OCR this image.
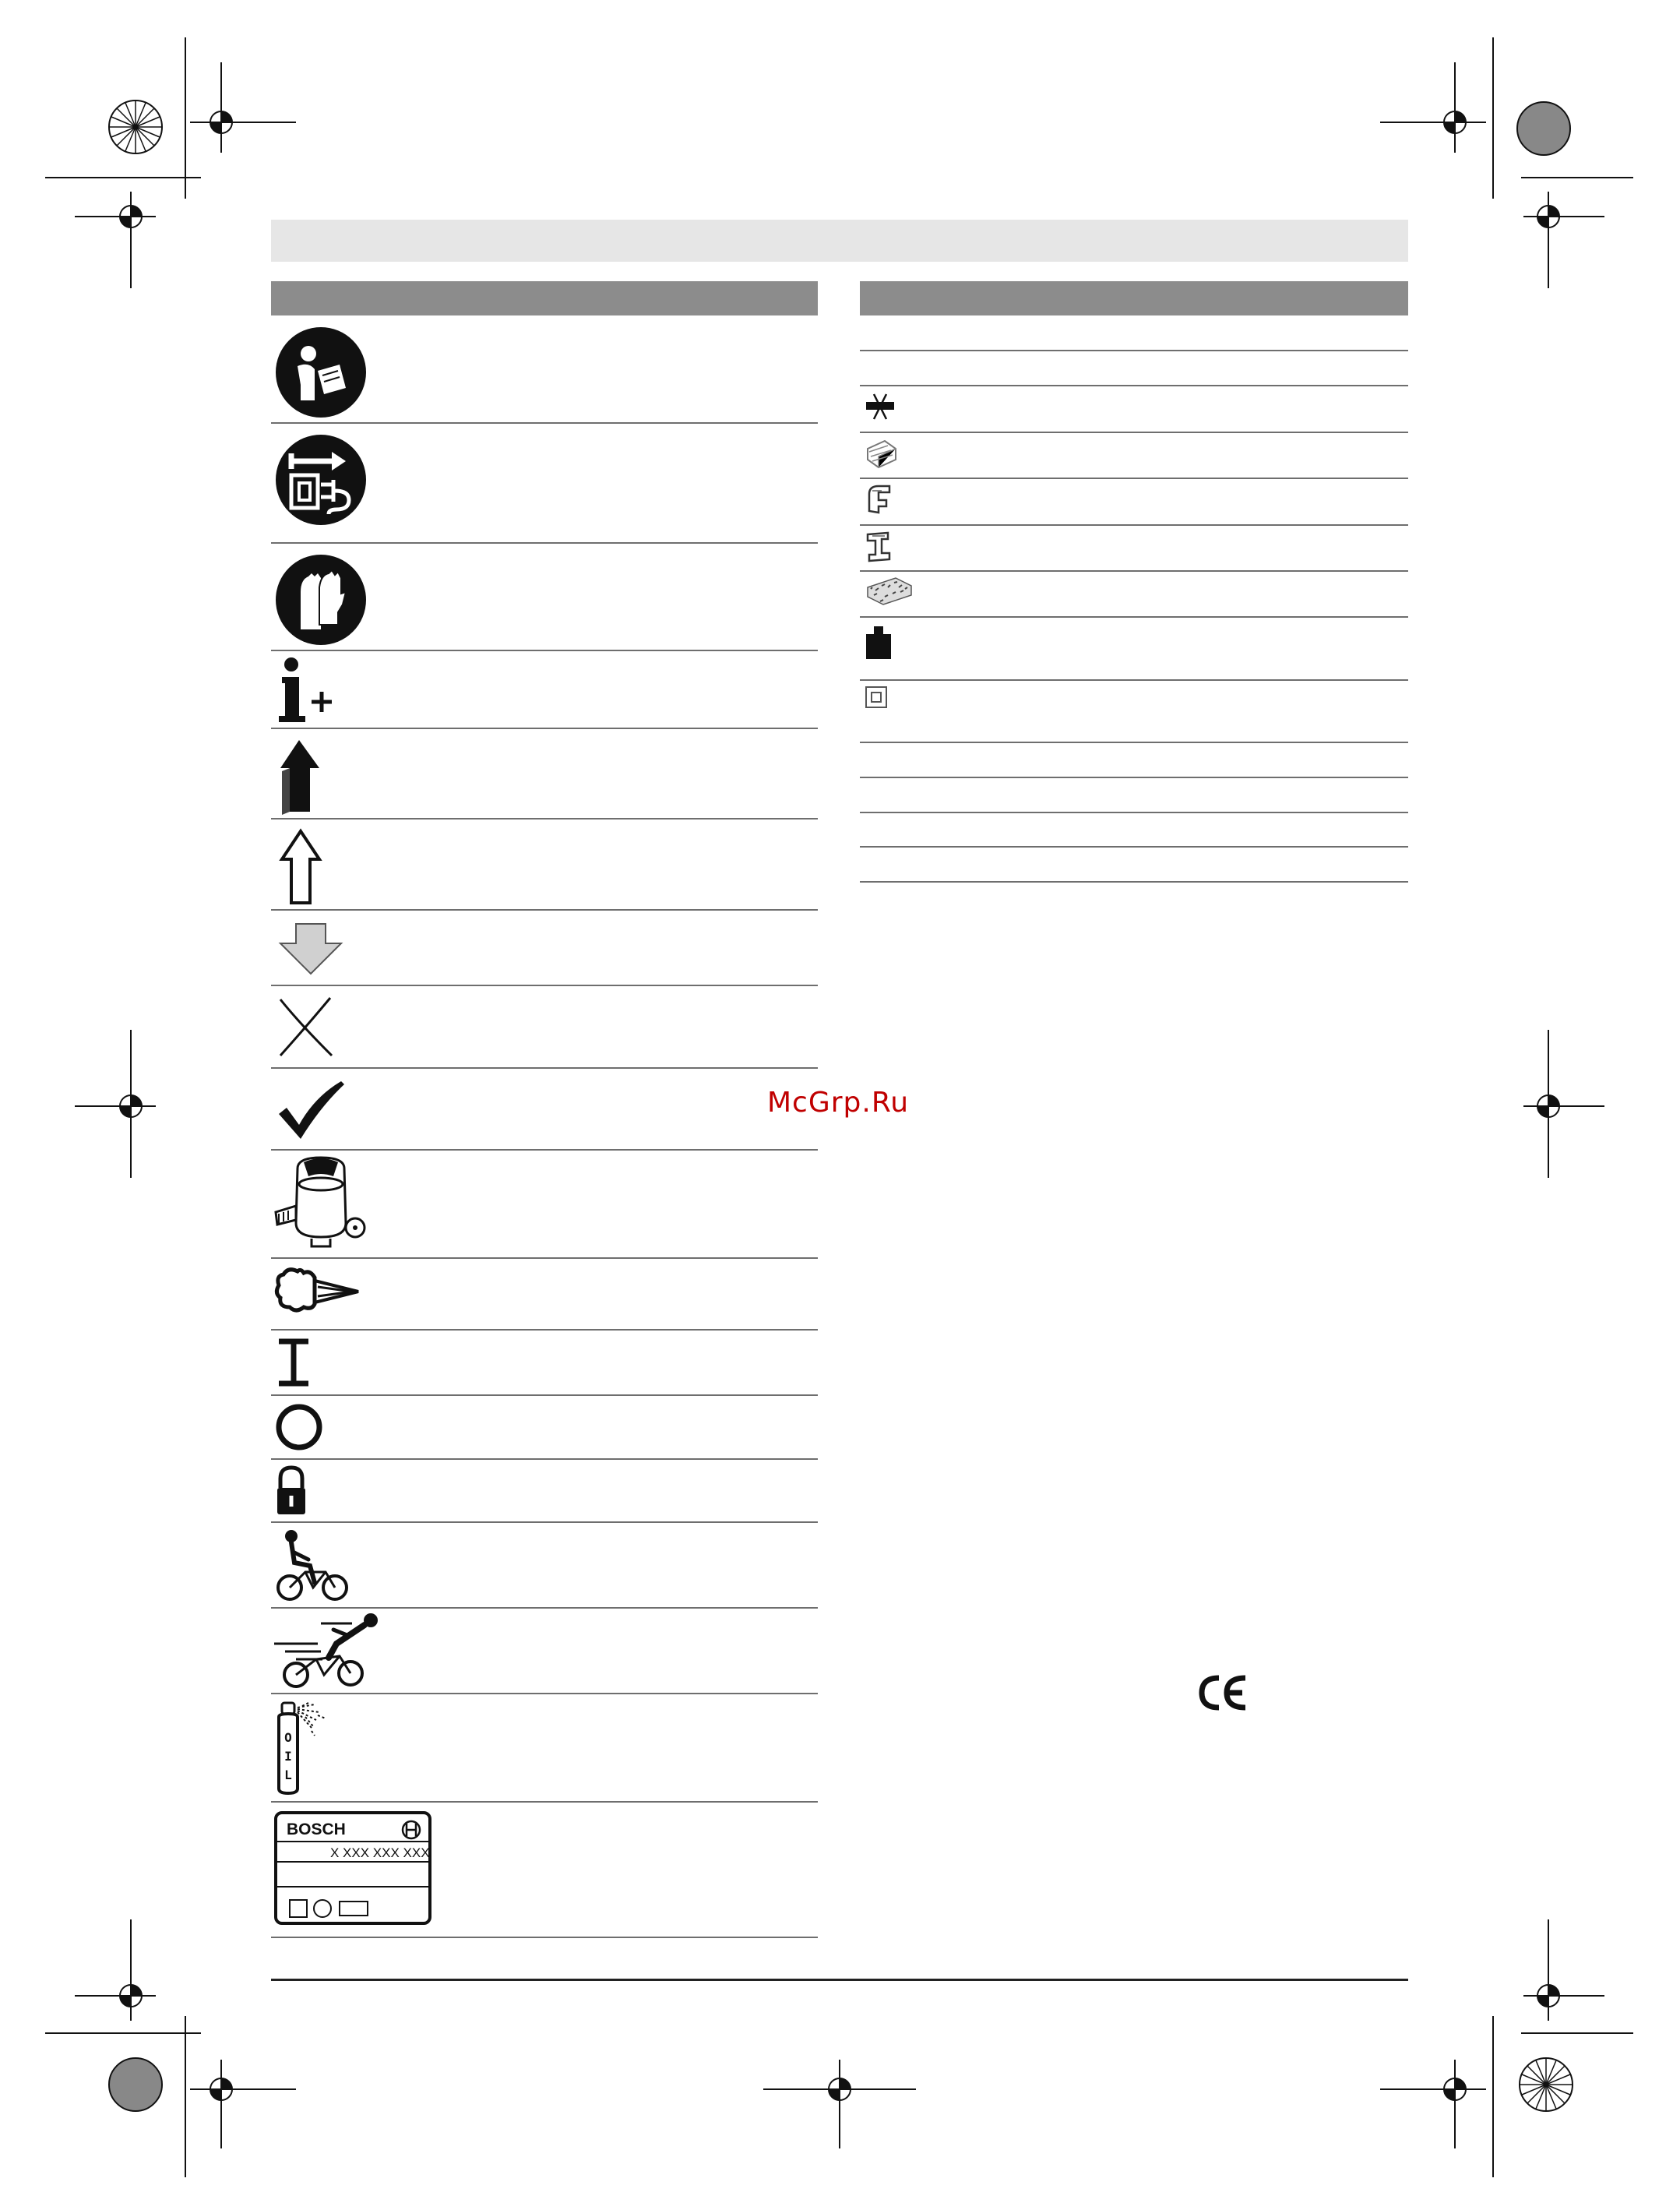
O
I
L
BOSCH
X XXX XXX XXX
McGrp.Ru
